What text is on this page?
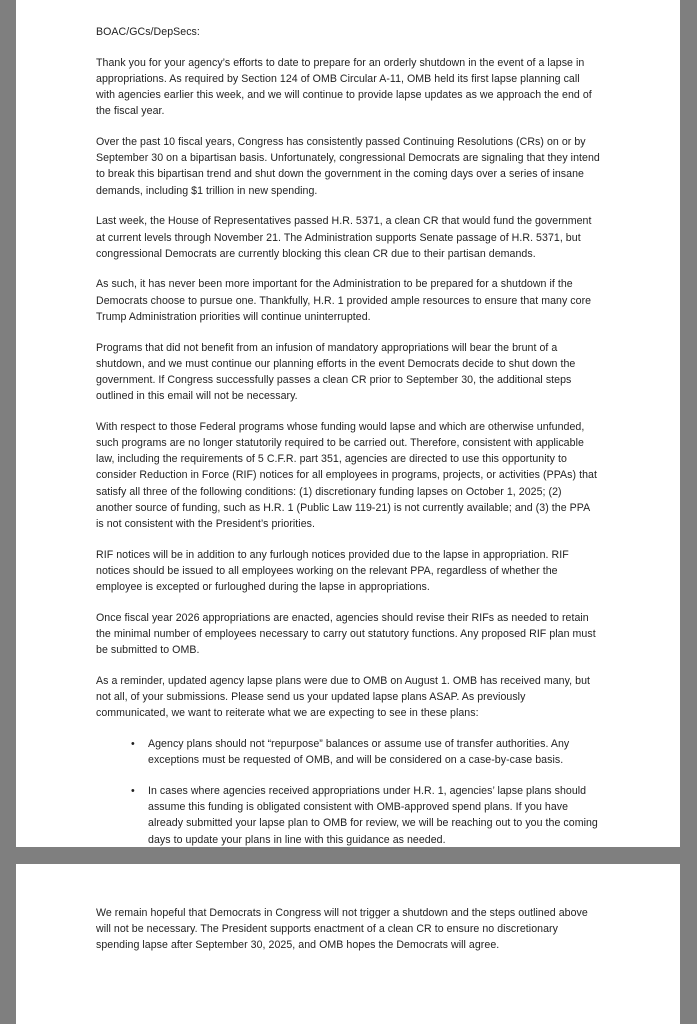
BOAC/GCs/DepSecs:

Thank you for your agency’s efforts to date to prepare for an orderly shutdown in the event of a lapse in appropriations. As required by Section 124 of OMB Circular A-11, OMB held its first lapse planning call with agencies earlier this week, and we will continue to provide lapse updates as we approach the end of the fiscal year.

Over the past 10 fiscal years, Congress has consistently passed Continuing Resolutions (CRs) on or by September 30 on a bipartisan basis. Unfortunately, congressional Democrats are signaling that they intend to break this bipartisan trend and shut down the government in the coming days over a series of insane demands, including $1 trillion in new spending.

Last week, the House of Representatives passed H.R. 5371, a clean CR that would fund the government at current levels through November 21. The Administration supports Senate passage of H.R. 5371, but congressional Democrats are currently blocking this clean CR due to their partisan demands.

As such, it has never been more important for the Administration to be prepared for a shutdown if the Democrats choose to pursue one. Thankfully, H.R. 1 provided ample resources to ensure that many core Trump Administration priorities will continue uninterrupted.

Programs that did not benefit from an infusion of mandatory appropriations will bear the brunt of a shutdown, and we must continue our planning efforts in the event Democrats decide to shut down the government. If Congress successfully passes a clean CR prior to September 30, the additional steps outlined in this email will not be necessary.

With respect to those Federal programs whose funding would lapse and which are otherwise unfunded, such programs are no longer statutorily required to be carried out. Therefore, consistent with applicable law, including the requirements of 5 C.F.R. part 351, agencies are directed to use this opportunity to consider Reduction in Force (RIF) notices for all employees in programs, projects, or activities (PPAs) that satisfy all three of the following conditions: (1) discretionary funding lapses on October 1, 2025; (2) another source of funding, such as H.R. 1 (Public Law 119-21) is not currently available; and (3) the PPA is not consistent with the President’s priorities.

RIF notices will be in addition to any furlough notices provided due to the lapse in appropriation. RIF notices should be issued to all employees working on the relevant PPA, regardless of whether the employee is excepted or furloughed during the lapse in appropriations.

Once fiscal year 2026 appropriations are enacted, agencies should revise their RIFs as needed to retain the minimal number of employees necessary to carry out statutory functions. Any proposed RIF plan must be submitted to OMB.

As a reminder, updated agency lapse plans were due to OMB on August 1. OMB has received many, but not all, of your submissions. Please send us your updated lapse plans ASAP. As previously communicated, we want to reiterate what we are expecting to see in these plans:

•	Agency plans should not “repurpose” balances or assume use of transfer authorities. Any exceptions must be requested of OMB, and will be considered on a case-by-case basis.

•	In cases where agencies received appropriations under H.R. 1, agencies’ lapse plans should assume this funding is obligated consistent with OMB-approved spend plans. If you have already submitted your lapse plan to OMB for review, we will be reaching out to you the coming days to update your plans in line with this guidance as needed.

We remain hopeful that Democrats in Congress will not trigger a shutdown and the steps outlined above will not be necessary. The President supports enactment of a clean CR to ensure no discretionary spending lapse after September 30, 2025, and OMB hopes the Democrats will agree.
